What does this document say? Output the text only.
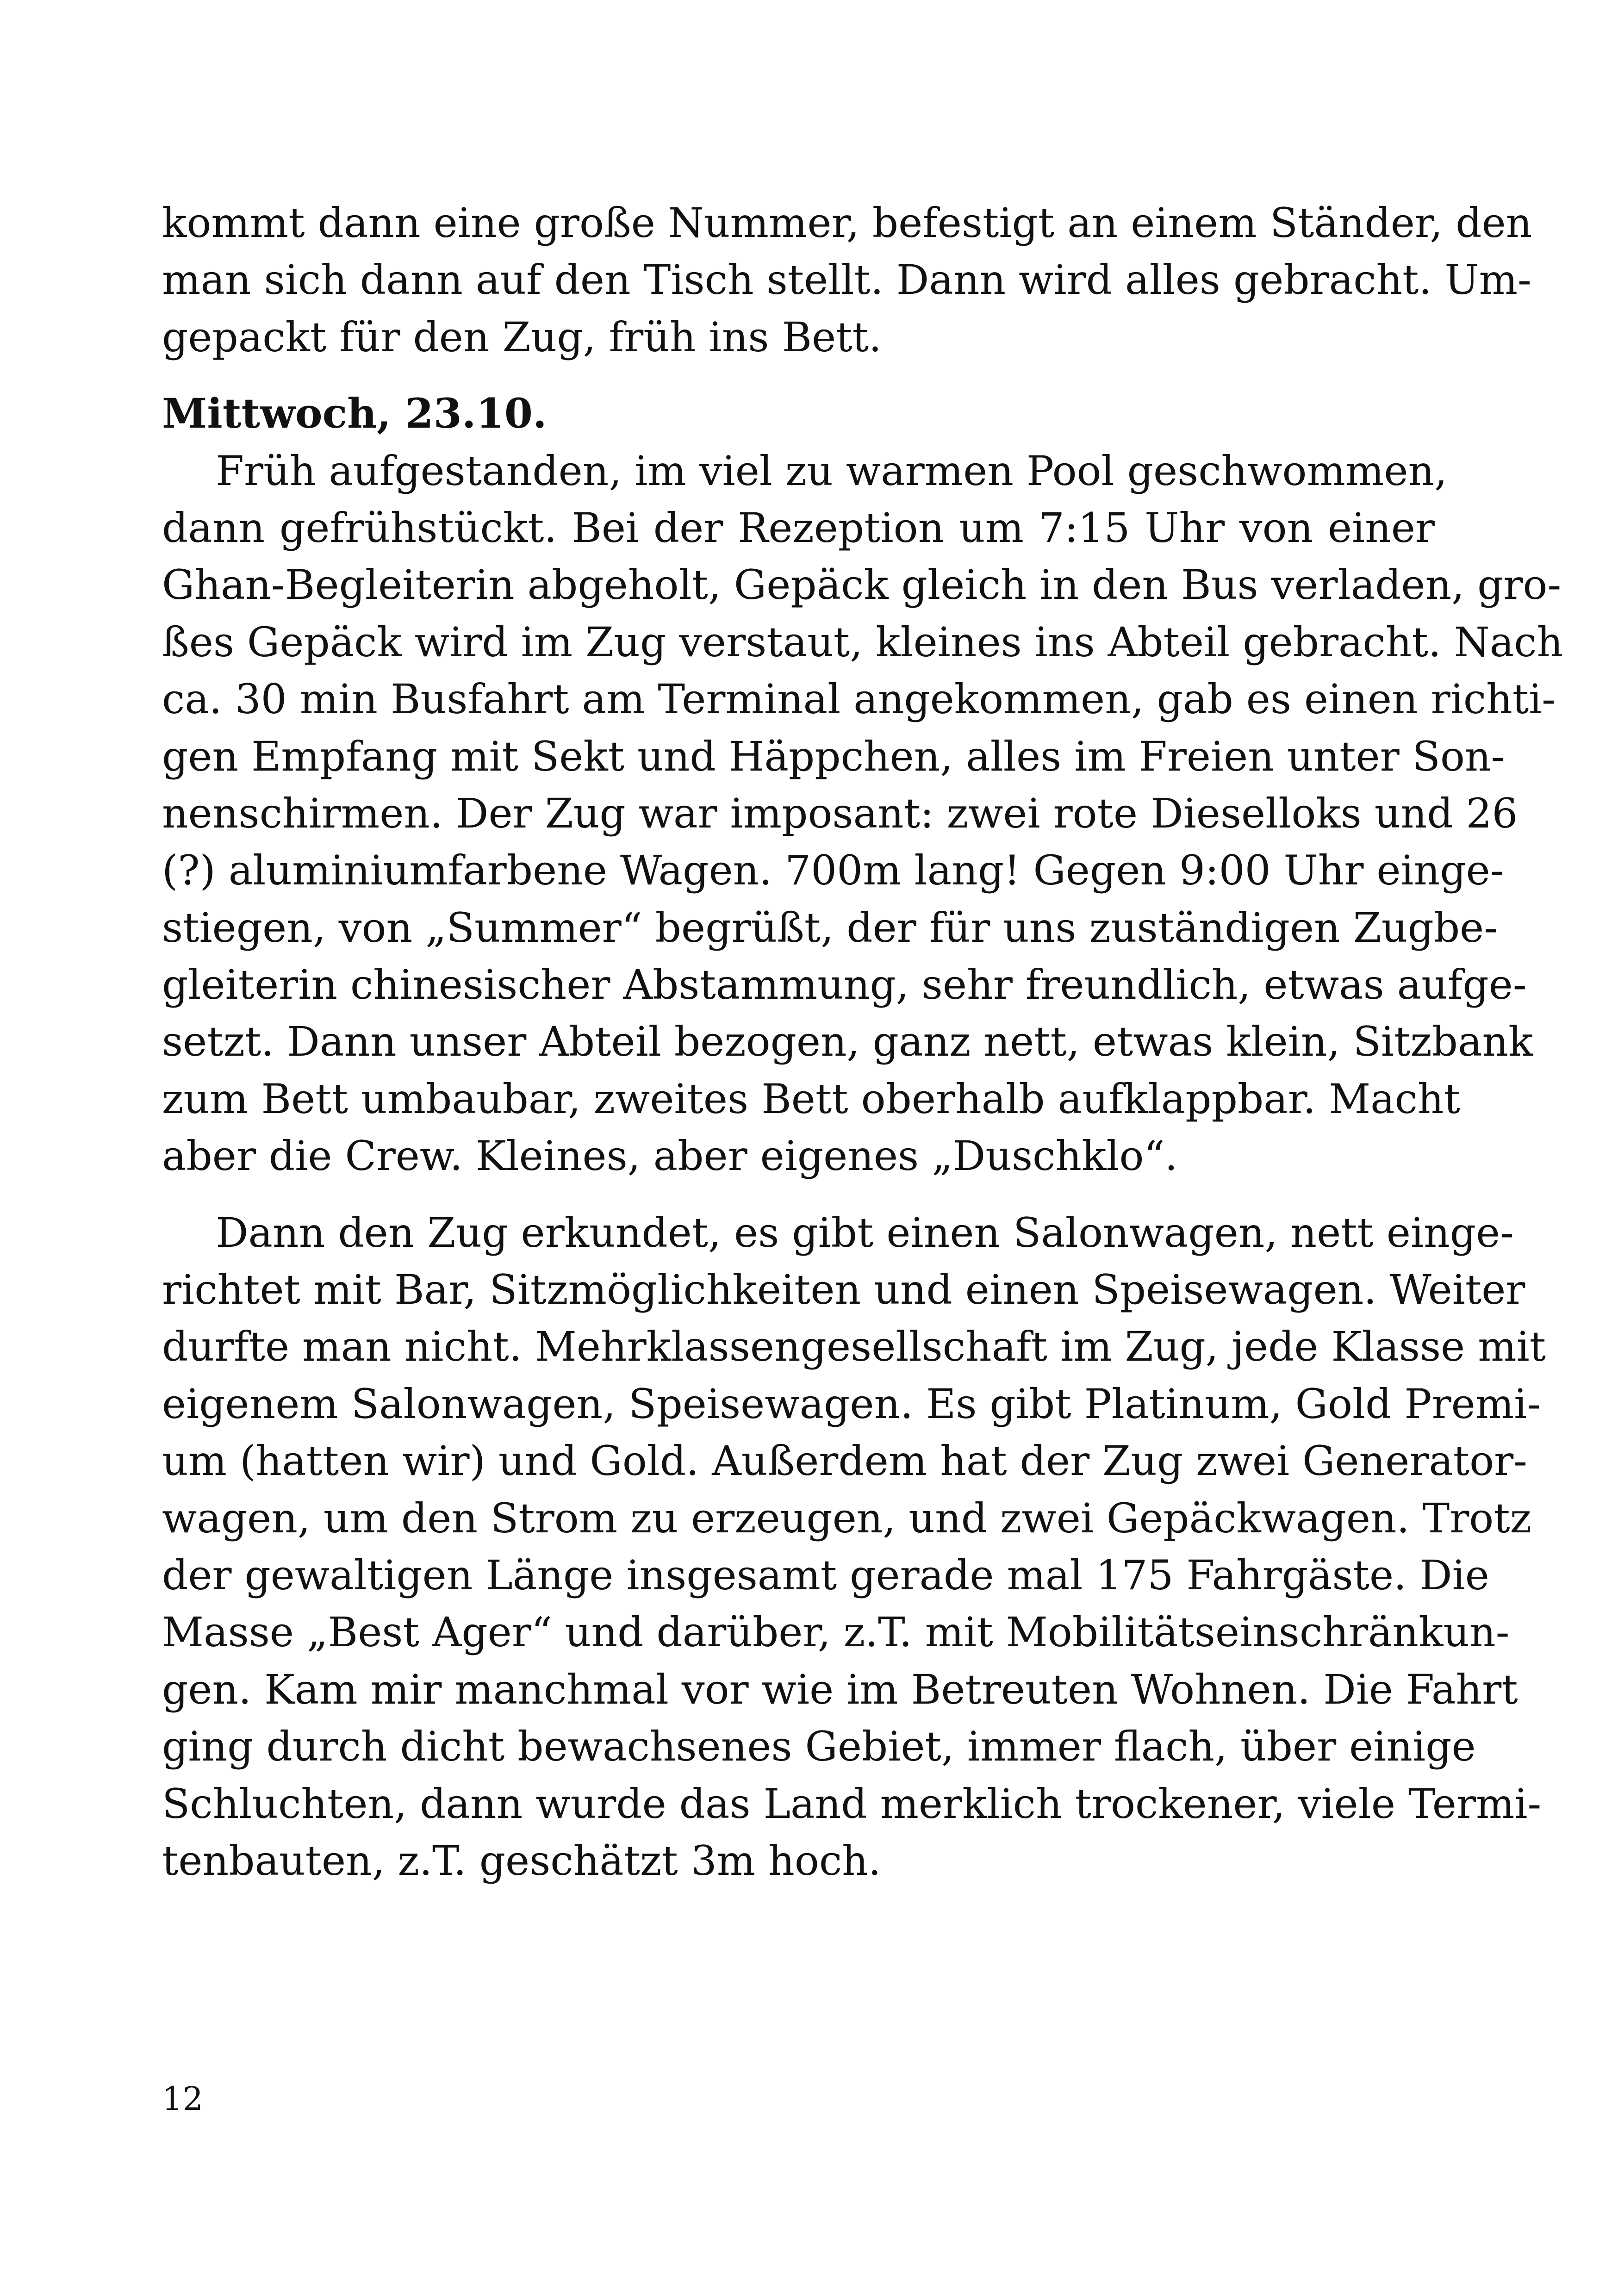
kommt dann eine große Nummer, befestigt an einem Ständer, den
man sich dann auf den Tisch stellt. Dann wird alles gebracht. Um-
gepackt für den Zug, früh ins Bett.
Mittwoch, 23.10.
Früh aufgestanden, im viel zu warmen Pool geschwommen,
dann gefrühstückt. Bei der Rezeption um 7:15 Uhr von einer
Ghan-Begleiterin abgeholt, Gepäck gleich in den Bus verladen, gro-
ßes Gepäck wird im Zug verstaut, kleines ins Abteil gebracht. Nach
ca. 30 min Busfahrt am Terminal angekommen, gab es einen richti-
gen Empfang mit Sekt und Häppchen, alles im Freien unter Son-
nenschirmen. Der Zug war imposant: zwei rote Dieselloks und 26
(?) aluminiumfarbene Wagen. 700m lang! Gegen 9:00 Uhr einge-
stiegen, von „Summer“ begrüßt, der für uns zuständigen Zugbe-
gleiterin chinesischer Abstammung, sehr freundlich, etwas aufge-
setzt. Dann unser Abteil bezogen, ganz nett, etwas klein, Sitzbank
zum Bett umbaubar, zweites Bett oberhalb aufklappbar. Macht
aber die Crew. Kleines, aber eigenes „Duschklo“.
Dann den Zug erkundet, es gibt einen Salonwagen, nett einge-
richtet mit Bar, Sitzmöglichkeiten und einen Speisewagen. Weiter
durfte man nicht. Mehrklassengesellschaft im Zug, jede Klasse mit
eigenem Salonwagen, Speisewagen. Es gibt Platinum, Gold Premi-
um (hatten wir) und Gold. Außerdem hat der Zug zwei Generator-
wagen, um den Strom zu erzeugen, und zwei Gepäckwagen. Trotz
der gewaltigen Länge insgesamt gerade mal 175 Fahrgäste. Die
Masse „Best Ager“ und darüber, z.T. mit Mobilitätseinschränkun-
gen. Kam mir manchmal vor wie im Betreuten Wohnen. Die Fahrt
ging durch dicht bewachsenes Gebiet, immer flach, über einige
Schluchten, dann wurde das Land merklich trockener, viele Termi-
tenbauten, z.T. geschätzt 3m hoch.
12
